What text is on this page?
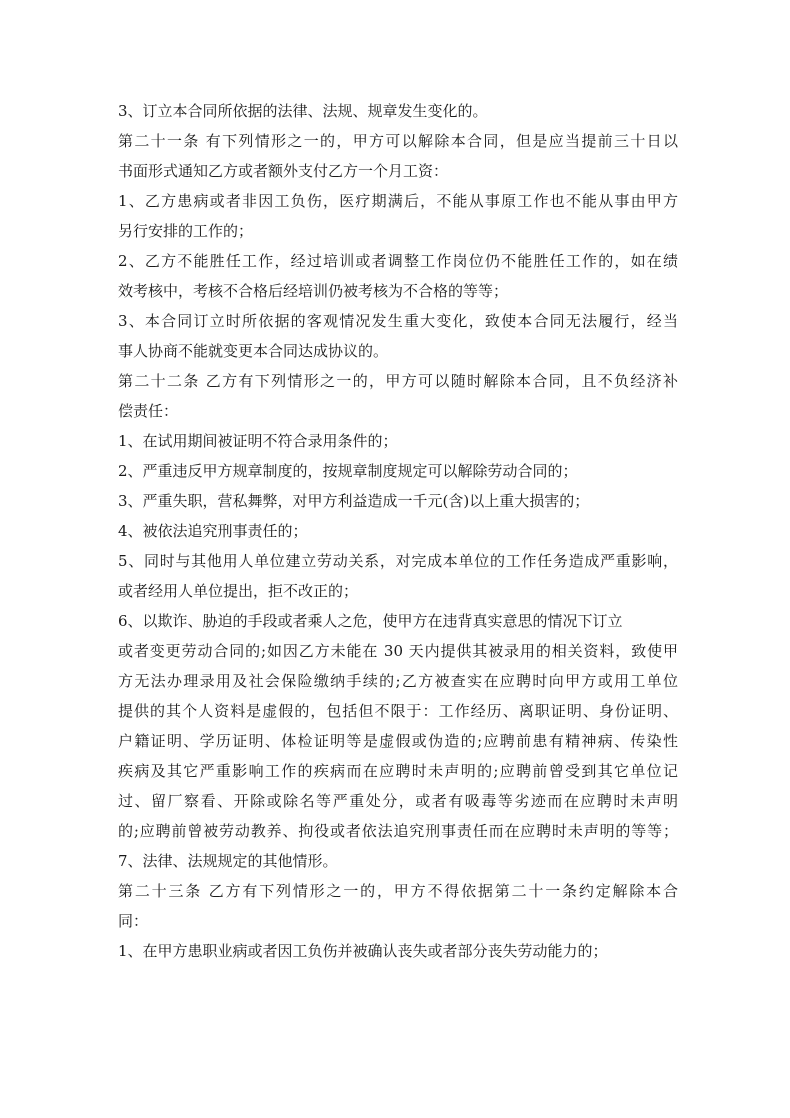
3、订立本合同所依据的法律、法规、规章发生变化的。
第二十一条 有下列情形之一的，甲方可以解除本合同，但是应当提前三十日以
书面形式通知乙方或者额外支付乙方一个月工资：
1、乙方患病或者非因工负伤，医疗期满后，不能从事原工作也不能从事由甲方
另行安排的工作的；
2、乙方不能胜任工作，经过培训或者调整工作岗位仍不能胜任工作的，如在绩
效考核中，考核不合格后经培训仍被考核为不合格的等等；
3、本合同订立时所依据的客观情况发生重大变化，致使本合同无法履行，经当
事人协商不能就变更本合同达成协议的。
第二十二条 乙方有下列情形之一的，甲方可以随时解除本合同，且不负经济补
偿责任：
1、在试用期间被证明不符合录用条件的；
2、严重违反甲方规章制度的，按规章制度规定可以解除劳动合同的；
3、严重失职，营私舞弊，对甲方利益造成一千元(含)以上重大损害的；
4、被依法追究刑事责任的；
5、同时与其他用人单位建立劳动关系，对完成本单位的工作任务造成严重影响，
或者经用人单位提出，拒不改正的；
6、以欺诈、胁迫的手段或者乘人之危，使甲方在违背真实意思的情况下订立
或者变更劳动合同的;如因乙方未能在 30 天内提供其被录用的相关资料，致使甲
方无法办理录用及社会保险缴纳手续的;乙方被查实在应聘时向甲方或用工单位
提供的其个人资料是虚假的，包括但不限于：工作经历、离职证明、身份证明、
户籍证明、学历证明、体检证明等是虚假或伪造的;应聘前患有精神病、传染性
疾病及其它严重影响工作的疾病而在应聘时未声明的;应聘前曾受到其它单位记
过、留厂察看、开除或除名等严重处分，或者有吸毒等劣迹而在应聘时未声明
的;应聘前曾被劳动教养、拘役或者依法追究刑事责任而在应聘时未声明的等等；
7、法律、法规规定的其他情形。
第二十三条 乙方有下列情形之一的，甲方不得依据第二十一条约定解除本合
同：
1、在甲方患职业病或者因工负伤并被确认丧失或者部分丧失劳动能力的；
